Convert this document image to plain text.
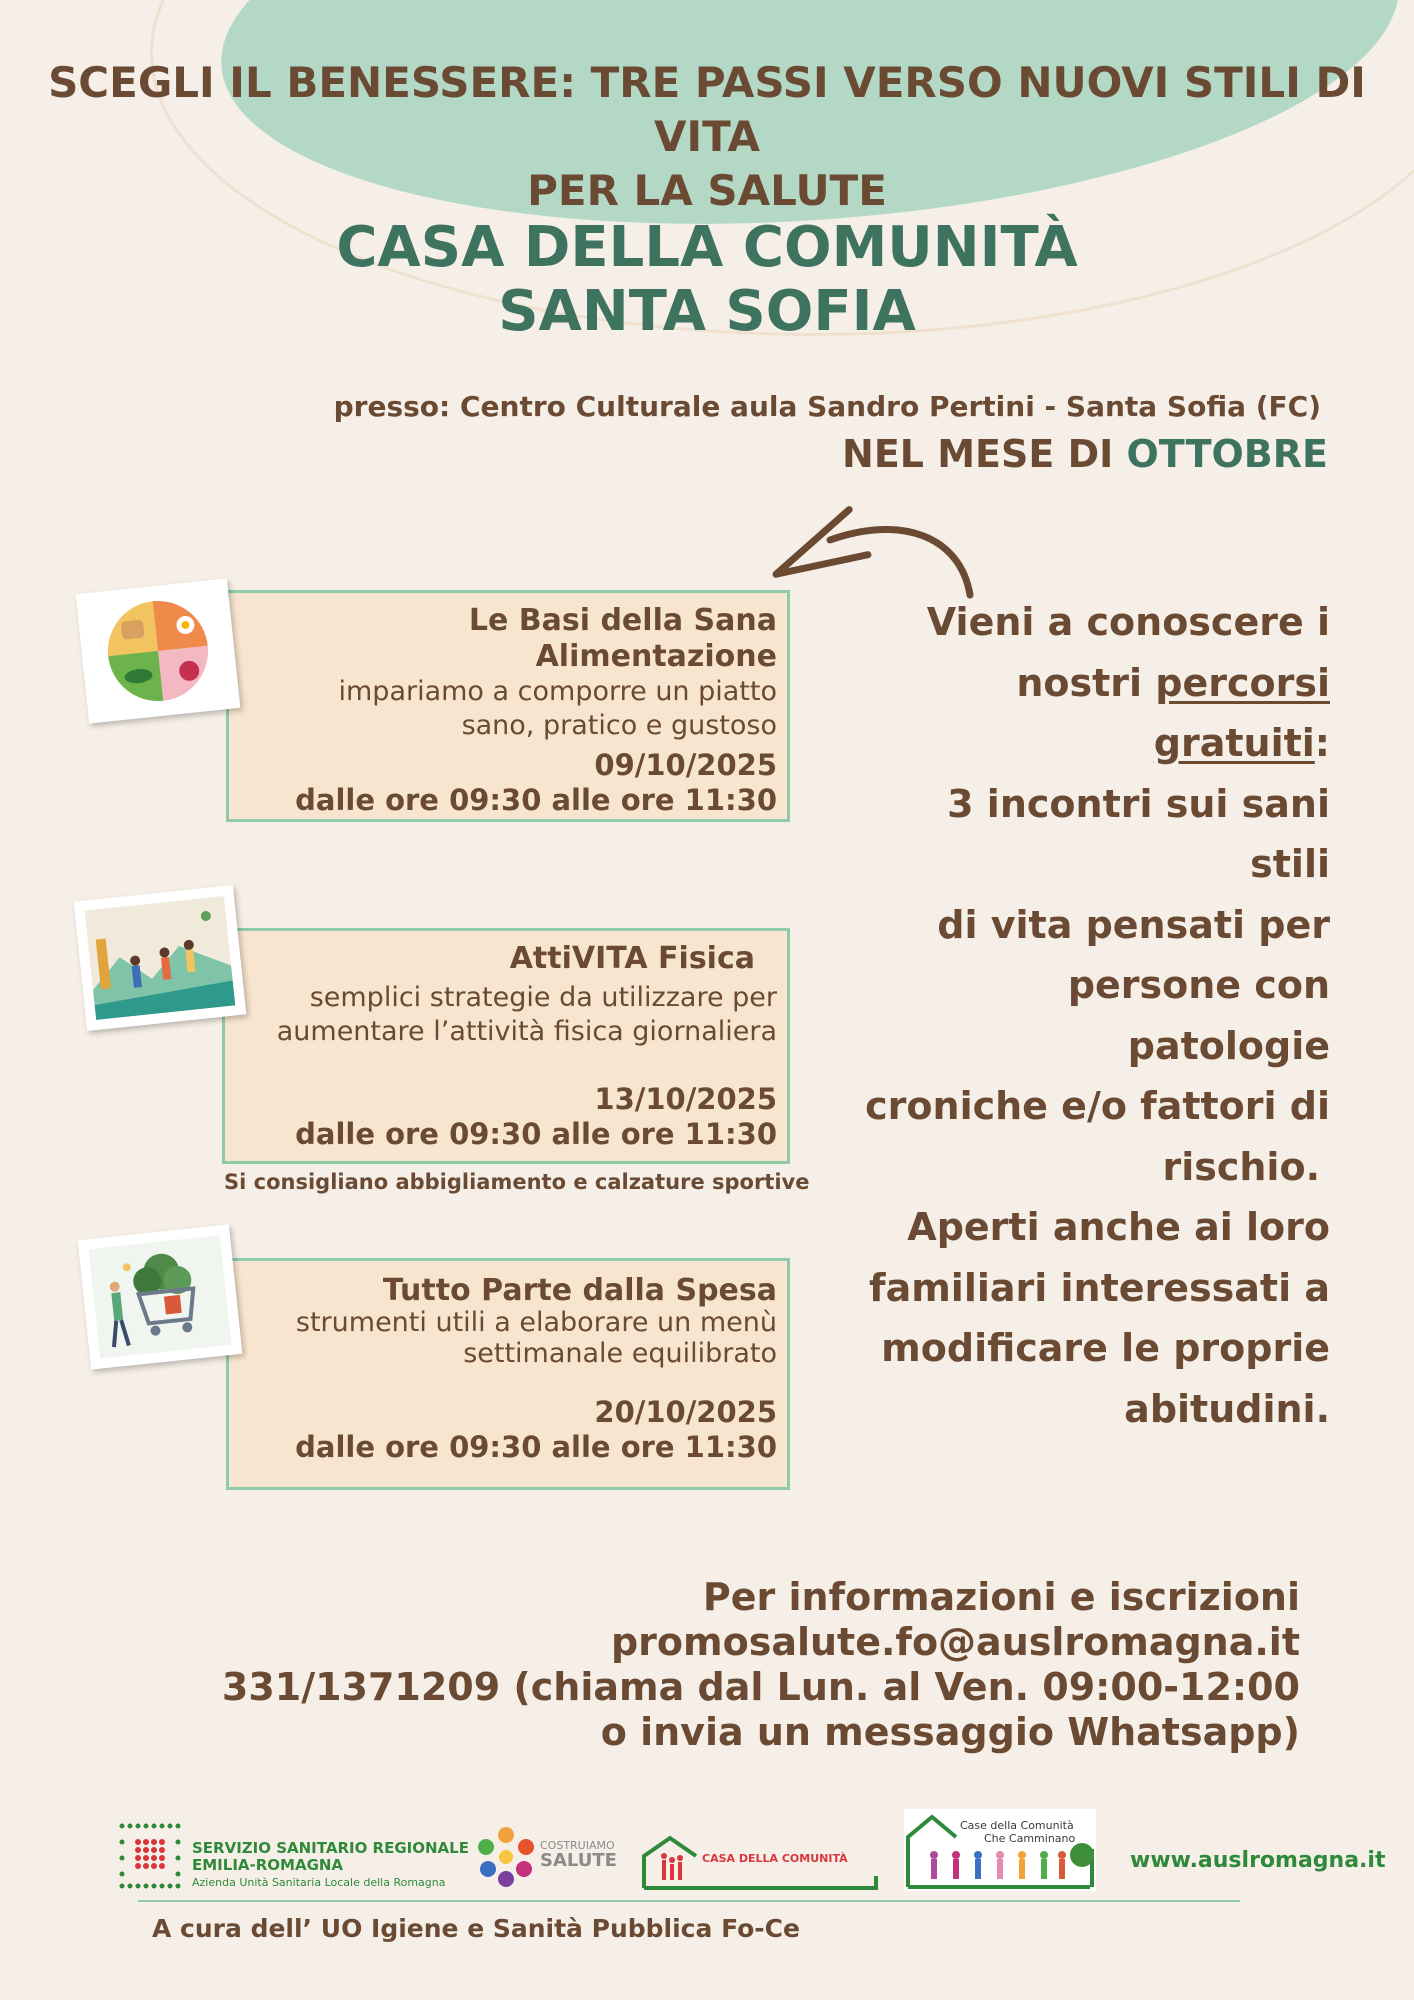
SCEGLI IL BENESSERE: TRE PASSI VERSO NUOVI STILI DI VITA
PER LA SALUTE
CASA DELLA COMUNITÀ
SANTA SOFIA
presso: Centro Culturale aula Sandro Pertini - Santa Sofia (FC)
NEL MESE DI OTTOBRE
Le Basi della Sana Alimentazione
impariamo a comporre un piatto
sano, pratico e gustoso
09/10/2025
dalle ore 09:30 alle ore 11:30
AttiVITA Fisica
semplici strategie da utilizzare per
aumentare l’attività fisica giornaliera
13/10/2025
dalle ore 09:30 alle ore 11:30
Si consigliano abbigliamento e calzature sportive
Tutto Parte dalla Spesa
strumenti utili a elaborare un menù
settimanale equilibrato
20/10/2025
dalle ore 09:30 alle ore 11:30
Vieni a conoscere i
nostri percorsi gratuiti:
3 incontri sui sani stili
di vita pensati per
persone con patologie
croniche e/o fattori di
rischio.
Aperti anche ai loro
familiari interessati a
modificare le proprie
abitudini.
Per informazioni e iscrizioni
promosalute.fo@auslromagna.it
331/1371209 (chiama dal Lun. al Ven. 09:00-12:00
o invia un messaggio Whatsapp)
SERVIZIO SANITARIO REGIONALE
EMILIA-ROMAGNA
Azienda Unità Sanitaria Locale della Romagna
COSTRUIAMO
SALUTE	CASA DELLA COMUNITÀ
Case della Comunità
Che Camminano
www.auslromagna.it
A cura dell’ UO Igiene e Sanità Pubblica Fo-Ce
